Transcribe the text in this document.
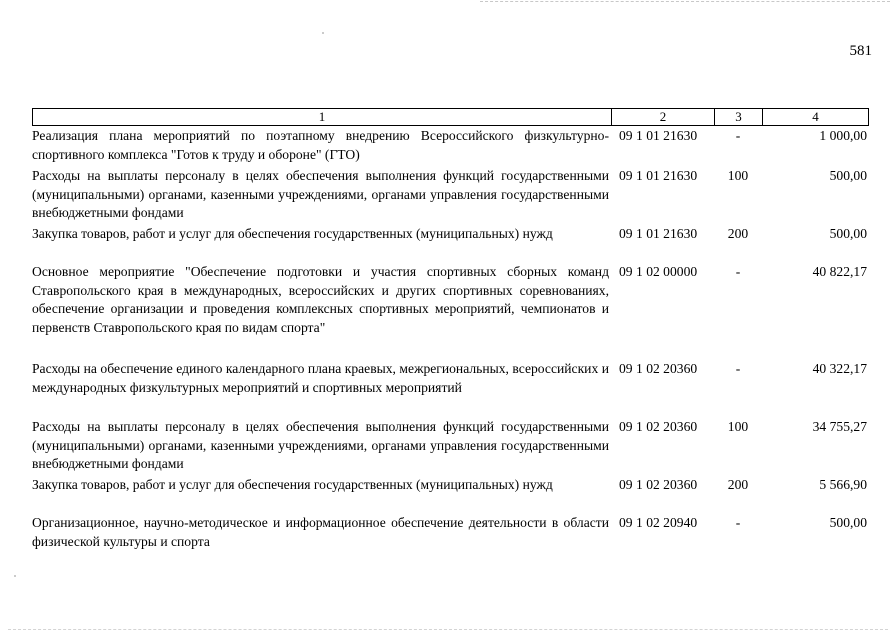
581
1	2	3	4
Реализация плана мероприятий по поэтапному внедрению Всероссийского физкультурно-спортивного комплекса "Готов к труду и обороне" (ГТО)
09 1 01 21630	-	1 000,00
Расходы на выплаты персоналу в целях обеспечения выполнения функций государственными (муниципальными) органами, казенными учреждениями, органами управления государственными внебюджетными фондами
09 1 01 21630	100	500,00
Закупка товаров, работ и услуг для обеспечения государственных (муниципальных) нужд	09 1 01 21630	200	500,00
Основное мероприятие "Обеспечение подготовки и участия спортивных сборных команд Ставропольского края в международных, всероссийских и других спортивных соревнованиях, обеспечение организации и проведения комплексных спортивных мероприятий, чемпионатов и первенств Ставропольского края по видам спорта"
09 1 02 00000	-	40 822,17
Расходы на обеспечение единого календарного плана краевых, межрегиональных, всероссийских и международных физкультурных мероприятий и спортивных мероприятий
09 1 02 20360	-	40 322,17
Расходы на выплаты персоналу в целях обеспечения выполнения функций государственными (муниципальными) органами, казенными учреждениями, органами управления государственными внебюджетными фондами
09 1 02 20360	100	34 755,27
Закупка товаров, работ и услуг для обеспечения государственных (муниципальных) нужд	09 1 02 20360	200	5 566,90
Организационное, научно-методическое и информационное обеспечение деятельности в области физической культуры и спорта
09 1 02 20940	-	500,00
